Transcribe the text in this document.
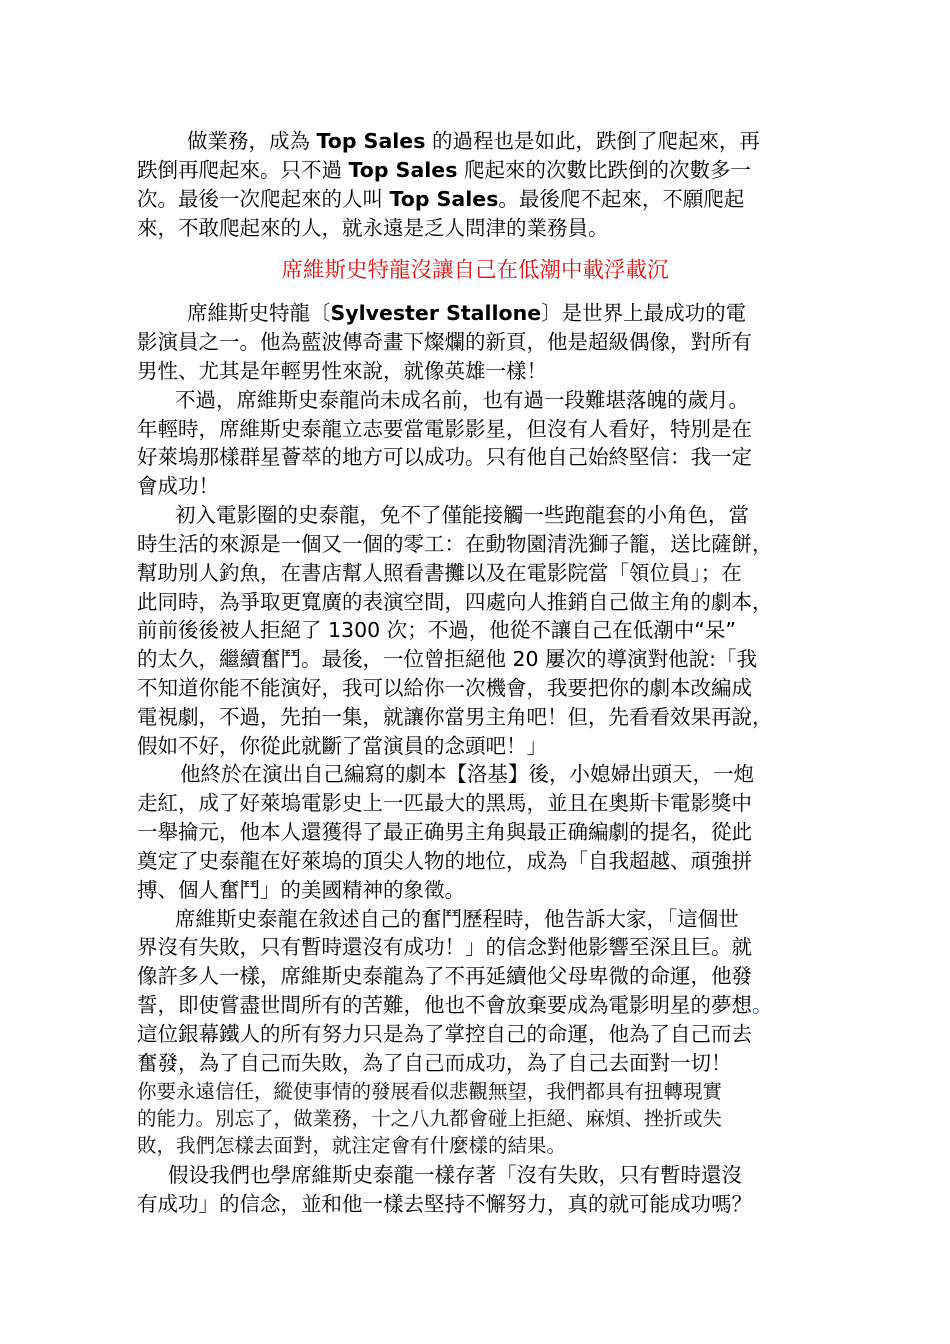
做業務，成為 Top Sales 的過程也是如此，跌倒了爬起來，再
跌倒再爬起來。只不過 Top Sales 爬起來的次數比跌倒的次數多一
次。最後一次爬起來的人叫 Top Sales。最後爬不起來，不願爬起
來，不敢爬起來的人，就永遠是乏人問津的業務員。
席維斯史特龍沒讓自己在低潮中載浮載沉
席維斯史特龍〔Sylvester Stallone〕是世界上最成功的電
影演員之一。他為藍波傳奇畫下燦爛的新頁，他是超級偶像，對所有
男性、尤其是年輕男性來說，就像英雄一樣！
不過，席維斯史泰龍尚未成名前，也有過一段難堪落魄的歲月。
年輕時，席維斯史泰龍立志要當電影影星，但沒有人看好，特別是在
好萊塢那樣群星薈萃的地方可以成功。只有他自己始終堅信：我一定
會成功！
初入電影圈的史泰龍，免不了僅能接觸一些跑龍套的小角色，當
時生活的來源是一個又一個的零工：在動物園清洗獅子籠，送比薩餅，
幫助別人釣魚，在書店幫人照看書攤以及在電影院當「領位員」；在
此同時，為爭取更寬廣的表演空間，四處向人推銷自己做主角的劇本，
前前後後被人拒絕了 1300 次；不過，他從不讓自己在低潮中“呆”
的太久，繼續奮鬥。最後，一位曾拒絕他 20 屢次的導演對他說:「我
不知道你能不能演好，我可以給你一次機會，我要把你的劇本改編成
電視劇，不過，先拍一集，就讓你當男主角吧！但，先看看效果再說，
假如不好，你從此就斷了當演員的念頭吧！」
他終於在演出自己編寫的劇本【洛基】後，小媳婦出頭天，一炮
走紅，成了好萊塢電影史上一匹最大的黑馬，並且在奧斯卡電影獎中
一舉掄元，他本人還獲得了最正确男主角與最正确編劇的提名，從此
奠定了史泰龍在好萊塢的頂尖人物的地位，成為「自我超越、頑強拼
搏、個人奮鬥」的美國精神的象徵。
席維斯史泰龍在敘述自己的奮鬥歷程時，他告訴大家，「這個世
界沒有失敗，只有暫時還沒有成功！」的信念對他影響至深且巨。就
像許多人一樣，席維斯史泰龍為了不再延續他父母卑微的命運，他發
誓，即使嘗盡世間所有的苦難，他也不會放棄要成為電影明星的夢想。
這位銀幕鐵人的所有努力只是為了掌控自己的命運，他為了自己而去
奮發，為了自己而失敗，為了自己而成功，為了自己去面對一切！
你要永遠信任，縱使事情的發展看似悲觀無望，我們都具有扭轉現實
的能力。別忘了，做業務，十之八九都會碰上拒絕、麻煩、挫折或失
敗，我們怎樣去面對，就注定會有什麼樣的結果。
假设我們也學席維斯史泰龍一樣存著「沒有失敗，只有暫時還沒
有成功」的信念，並和他一樣去堅持不懈努力，真的就可能成功嗎？
